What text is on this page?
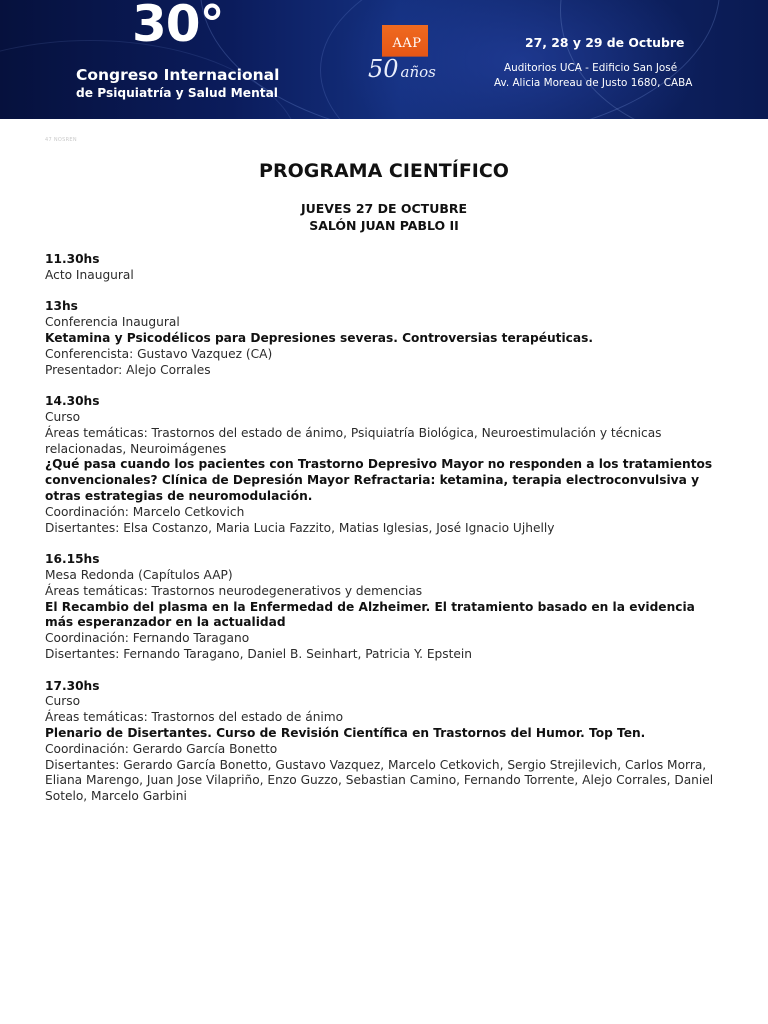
30°
Congreso Internacional
de Psiquiatría y Salud Mental
AAP
50 años
27, 28 y 29 de Octubre
Auditorios UCA - Edificio San José
Av. Alicia Moreau de Justo 1680, CABA
47 NOSREN
PROGRAMA CIENTÍFICO
JUEVES 27 DE OCTUBRE
SALÓN JUAN PABLO II
11.30hs
Acto Inaugural
13hs
Conferencia Inaugural
Ketamina y Psicodélicos para Depresiones severas. Controversias terapéuticas.
Conferencista: Gustavo Vazquez (CA)
Presentador: Alejo Corrales
14.30hs
Curso
Áreas temáticas: Trastornos del estado de ánimo, Psiquiatría Biológica, Neuroestimulación y técnicas relacionadas, Neuroimágenes
¿Qué pasa cuando los pacientes con Trastorno Depresivo Mayor no responden a los tratamientos convencionales? Clínica de Depresión Mayor Refractaria: ketamina, terapia electroconvulsiva y otras estrategias de neuromodulación.
Coordinación: Marcelo Cetkovich
Disertantes: Elsa Costanzo, Maria Lucia Fazzito, Matias Iglesias, José Ignacio Ujhelly
16.15hs
Mesa Redonda (Capítulos AAP)
Áreas temáticas: Trastornos neurodegenerativos y demencias
El Recambio del plasma en la Enfermedad de Alzheimer. El tratamiento basado en la evidencia más esperanzador en la actualidad
Coordinación: Fernando Taragano
Disertantes: Fernando Taragano, Daniel B. Seinhart, Patricia Y. Epstein
17.30hs
Curso
Áreas temáticas: Trastornos del estado de ánimo
Plenario de Disertantes. Curso de Revisión Científica en Trastornos del Humor. Top Ten.
Coordinación: Gerardo García Bonetto
Disertantes: Gerardo García Bonetto, Gustavo Vazquez, Marcelo Cetkovich, Sergio Strejilevich, Carlos Morra, Eliana Marengo, Juan Jose Vilapriño, Enzo Guzzo, Sebastian Camino, Fernando Torrente, Alejo Corrales, Daniel Sotelo, Marcelo Garbini
